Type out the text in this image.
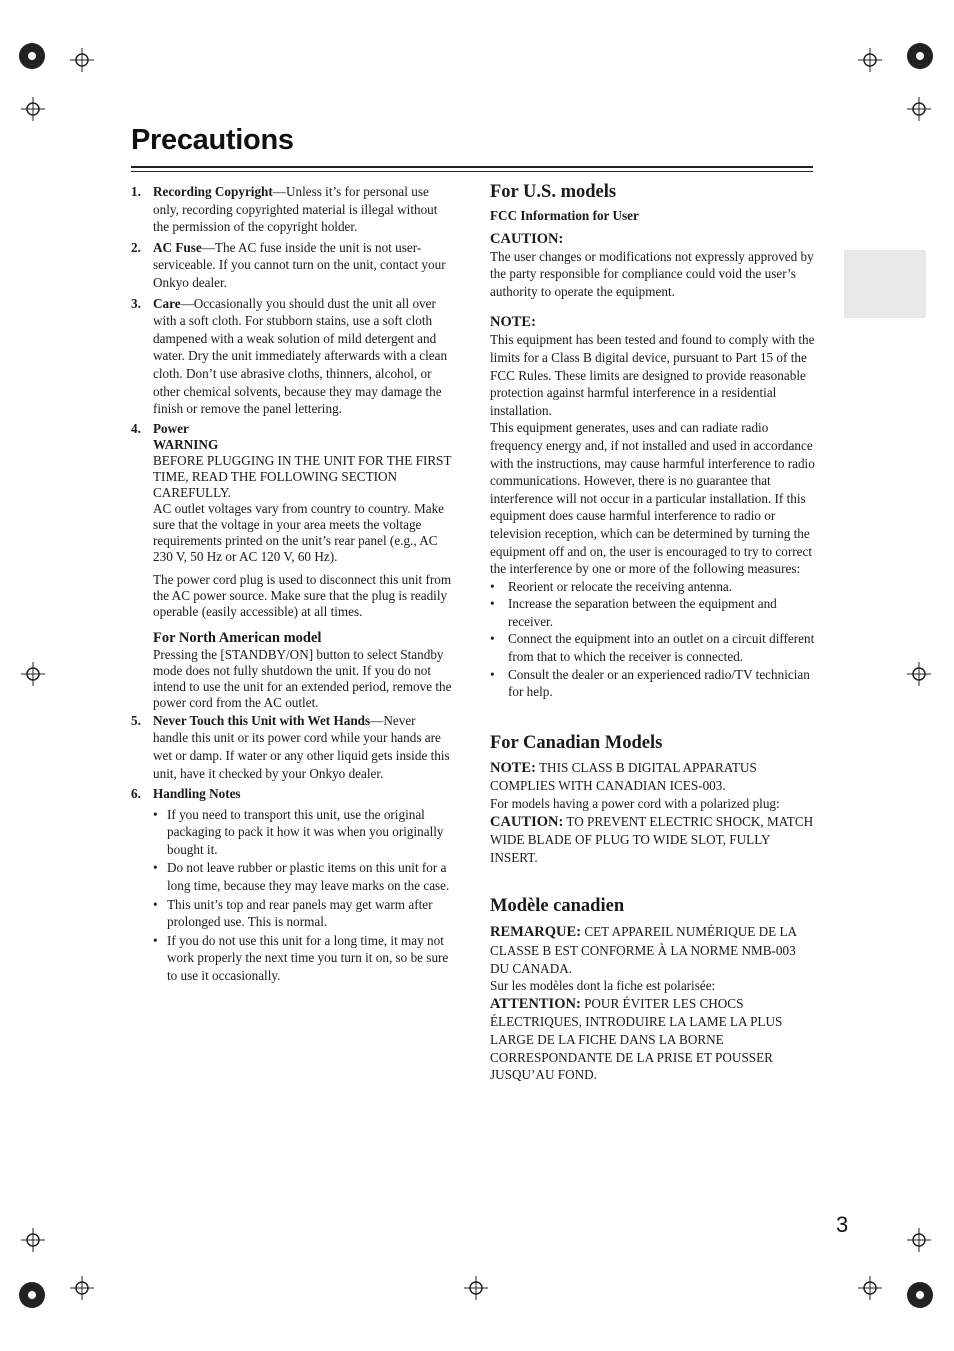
Precautions
1. Recording Copyright—Unless it’s for personal use only, recording copyrighted material is illegal without the permission of the copyright holder.
2. AC Fuse—The AC fuse inside the unit is not user-serviceable. If you cannot turn on the unit, contact your Onkyo dealer.
3. Care—Occasionally you should dust the unit all over with a soft cloth. For stubborn stains, use a soft cloth dampened with a weak solution of mild detergent and water. Dry the unit immediately afterwards with a clean cloth. Don’t use abrasive cloths, thinners, alcohol, or other chemical solvents, because they may damage the finish or remove the panel lettering.
4. Power
WARNING
BEFORE PLUGGING IN THE UNIT FOR THE FIRST TIME, READ THE FOLLOWING SECTION CAREFULLY.
AC outlet voltages vary from country to country. Make sure that the voltage in your area meets the voltage requirements printed on the unit’s rear panel (e.g., AC 230 V, 50 Hz or AC 120 V, 60 Hz).
The power cord plug is used to disconnect this unit from the AC power source. Make sure that the plug is readily operable (easily accessible) at all times.
For North American model
Pressing the [STANDBY/ON] button to select Standby mode does not fully shutdown the unit. If you do not intend to use the unit for an extended period, remove the power cord from the AC outlet.
5. Never Touch this Unit with Wet Hands—Never handle this unit or its power cord while your hands are wet or damp. If water or any other liquid gets inside this unit, have it checked by your Onkyo dealer.
6. Handling Notes
• If you need to transport this unit, use the original packaging to pack it how it was when you originally bought it.
• Do not leave rubber or plastic items on this unit for a long time, because they may leave marks on the case.
• This unit’s top and rear panels may get warm after prolonged use. This is normal.
• If you do not use this unit for a long time, it may not work properly the next time you turn it on, so be sure to use it occasionally.
For U.S. models
FCC Information for User
CAUTION:

The user changes or modifications not expressly approved by the party responsible for compliance could void the user’s authority to operate the equipment.

NOTE:

This equipment has been tested and found to comply with the limits for a Class B digital device, pursuant to Part 15 of the FCC Rules. These limits are designed to provide reasonable protection against harmful interference in a residential installation.

This equipment generates, uses and can radiate radio frequency energy and, if not installed and used in accordance with the instructions, may cause harmful interference to radio communications. However, there is no guarantee that interference will not occur in a particular installation. If this equipment does cause harmful interference to radio or television reception, which can be determined by turning the equipment off and on, the user is encouraged to try to correct the interference by one or more of the following measures:

• Reorient or relocate the receiving antenna.
• Increase the separation between the equipment and receiver.
• Connect the equipment into an outlet on a circuit different from that to which the receiver is connected.
• Consult the dealer or an experienced radio/TV technician for help.
For Canadian Models

NOTE: THIS CLASS B DIGITAL APPARATUS COMPLIES WITH CANADIAN ICES-003.

For models having a power cord with a polarized plug:

CAUTION: TO PREVENT ELECTRIC SHOCK, MATCH WIDE BLADE OF PLUG TO WIDE SLOT, FULLY INSERT.

Modèle canadien

REMARQUE: CET APPAREIL NUMÉRIQUE DE LA CLASSE B EST CONFORME À LA NORME NMB-003 DU CANADA.

Sur les modèles dont la fiche est polarisée:

ATTENTION: POUR ÉVITER LES CHOCS ÉLECTRIQUES, INTRODUIRE LA LAME LA PLUS LARGE DE LA FICHE DANS LA BORNE CORRESPONDANTE DE LA PRISE ET POUSSER JUSQU’AU FOND.

3
